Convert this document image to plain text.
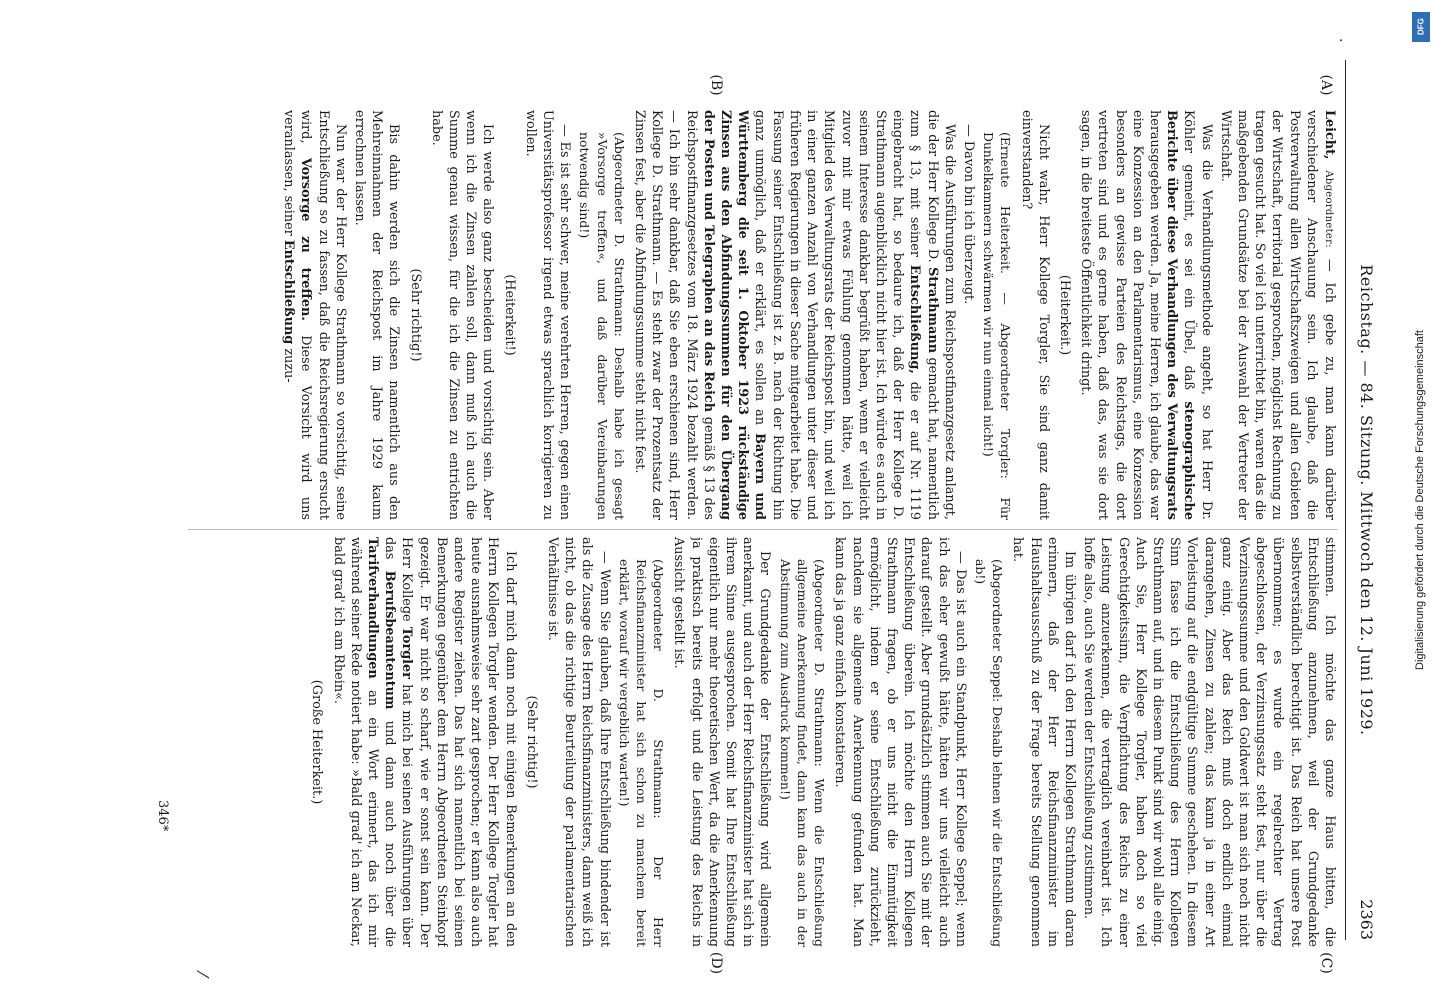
Reichstag. — 84. Sitzung. Mittwoch den 12. Juni 1929.
2363
·
(A)
(B)
(C)
(D)

Leicht, Abgeordneter: — Ich gebe zu, man kann darüber verschiedener Anschauung sein. Ich glaube, daß die Postverwaltung allen Wirtschaftszweigen und allen Gebieten der Wirtschaft, territorial gesprochen, möglichst Rechnung zu tragen gesucht hat. So viel ich unterrichtet bin, waren das die maßgebenden Grundsätze bei der Auswahl der Vertreter der Wirtschaft.

Was die Verhandlungsmethode angeht, so hat Herr Dr. Köhler gemeint, es sei ein Übel, daß stenographische Berichte über diese Verhandlungen des Verwaltungsrats herausgegeben werden. Ja, meine Herren, ich glaube, das war eine Konzession an den Parlamentarismus, eine Konzession besonders an gewisse Parteien des Reichstags, die dort vertreten sind und es gerne haben, daß das, was sie dort sagen, in die breiteste Öffentlichkeit dringt.

(Heiterkeit.)

Nicht wahr, Herr Kollege Torgler, Sie sind ganz damit einverstanden?

(Erneute Heiterkeit. — Abgeordneter Torgler: Für Dunkelkammern schwärmen wir nun einmal nicht!)

— Davon bin ich überzeugt.

Was die Ausführungen zum Reichspostfinanzgesetz anlangt, die der Herr Kollege D. Strathmann gemacht hat, namentlich zum § 13, mit seiner Entschließung, die er auf Nr. 1119 eingebracht hat, so bedaure ich, daß der Herr Kollege D. Strathmann augenblicklich nicht hier ist. Ich würde es auch in seinem Interesse dankbar begrüßt haben, wenn er vielleicht zuvor mit mir etwas Fühlung genommen hätte, weil ich Mitglied des Verwaltungsrats der Reichspost bin, und weil ich in einer ganzen Anzahl von Verhandlungen unter dieser und früheren Regierungen in dieser Sache mitgearbeitet habe. Die Fassung seiner Entschließung ist z. B. nach der Richtung hin ganz unmöglich, daß er erklärt, es sollen an Bayern und Württemberg die seit 1. Oktober 1923 rückständige Zinsen aus den Abfindungssummen für den Übergang der Posten und Telegraphen an das Reich gemäß § 13 des Reichspostfinanzgesetzes vom 18. März 1924 bezahlt werden. — Ich bin sehr dankbar, daß Sie eben erschienen sind, Herr Kollege D. Strathmann. — Es steht zwar der Prozentsatz der Zinsen fest, aber die Abfindungssumme steht nicht fest.

(Abgeordneter D. Strathmann: Deshalb habe ich gesagt »Vorsorge treffen«, und daß darüber Vereinbarungen notwendig sind!)

— Es ist sehr schwer, meine verehrten Herren, gegen einen Universitätsprofessor irgend etwas sprachlich korrigieren zu wollen.

(Heiterkeit!)

Ich werde also ganz bescheiden und vorsichtig sein. Aber wenn ich die Zinsen zahlen soll, dann muß ich auch die Summe genau wissen, für die ich die Zinsen zu entrichten habe.

(Sehr richtig!)

Bis dahin werden sich die Zinsen namentlich aus den Mehreinnahmen der Reichspost im Jahre 1929 kaum errechnen lassen.

Nun war der Herr Kollege Strathmann so vorsichtig, seine Entschließung so zu fassen, daß die Reichsregierung ersucht wird, Vorsorge zu treffen. Diese Vorsicht wird uns veranlassen, seiner Entschließung zuzu-

stimmen. Ich möchte das ganze Haus bitten, die Entschließung anzunehmen, weil der Grundgedanke selbstverständlich berechtigt ist. Das Reich hat unsere Post übernommen; es wurde ein regelrechter Vertrag abgeschlossen, der Verzinsungssatz steht fest, nur über die Verzinsungssumme und den Goldwert ist man sich noch nicht ganz einig. Aber das Reich muß doch endlich einmal darangehen, Zinsen zu zahlen; das kann ja in einer Art Vorleistung auf die endgültige Summe geschehen. In diesem Sinn fasse ich die Entschließung des Herrn Kollegen Strathmann auf, und in diesem Punkt sind wir wohl alle einig. Auch Sie, Herr Kollege Torgler, haben doch so viel Gerechtigkeitssinn, die Verpflichtung des Reichs zu einer Leistung anzuerkennen, die vertraglich vereinbart ist. Ich hoffe also, auch Sie werden der Entschließung zustimmen.

Im übrigen darf ich den Herrn Kollegen Strathmann daran erinnern, daß der Herr Reichsfinanzminister im Haushaltsausschuß zu der Frage bereits Stellung genommen hat.

(Abgeordneter Seppel: Deshalb lehnen wir die Entschließung ab!)

— Das ist auch ein Standpunkt, Herr Kollege Seppel; wenn ich das eher gewußt hätte, hätten wir uns vielleicht auch darauf gestellt. Aber grundsätzlich stimmen auch Sie mit der Entschließung überein. Ich möchte den Herrn Kollegen Strathmann fragen, ob er uns nicht die Einmütigkeit ermöglicht, indem er seine Entschließung zurückzieht, nachdem sie allgemeine Anerkennung gefunden hat. Man kann das ja ganz einfach konstatieren.

(Abgeordneter D. Strathmann: Wenn die Entschließung allgemeine Anerkennung findet, dann kann das auch in der Abstimmung zum Ausdruck kommen!)

Der Grundgedanke der Entschließung wird allgemein anerkannt, und auch der Herr Reichsfinanzminister hat sich in ihrem Sinne ausgesprochen. Somit hat Ihre Entschließung eigentlich nur mehr theoretischen Wert, da die Anerkennung ja praktisch bereits erfolgt und die Leistung des Reichs in Aussicht gestellt ist.

(Abgeordneter D. Strathmann: Der Herr Reichsfinanzminister hat sich schon zu manchem bereit erklärt, worauf wir vergeblich warten!)

— Wenn Sie glauben, daß Ihre Entschließung bindender ist als die Zusage des Herrn Reichsfinanzministers, dann weiß ich nicht, ob das die richtige Beurteilung der parlamentarischen Verhältnisse ist.

(Sehr richtig!)

Ich darf mich dann noch mit einigen Bemerkungen an den Herrn Kollegen Torgler wenden. Der Herr Kollege Torgler hat heute ausnahmsweise sehr zart gesprochen; er kann also auch andere Register ziehen. Das hat sich namentlich bei seinen Bemerkungen gegenüber dem Herrn Abgeordneten Steinkopf gezeigt. Er war nicht so scharf, wie er sonst sein kann. Der Herr Kollege Torgler hat mich bei seinen Ausführungen über das Berufsbeamtentum und dann auch noch über die Tarifverhandlungen an ein Wort erinnert, das ich mir während seiner Rede notiert habe: »Bald grad' ich am Neckar, bald grad' ich am Rhein«.

(Große Heiterkeit.)

⁄
346*
DFG
Digitalisierung gefördert durch die Deutsche Forschungsgemeinschaft
